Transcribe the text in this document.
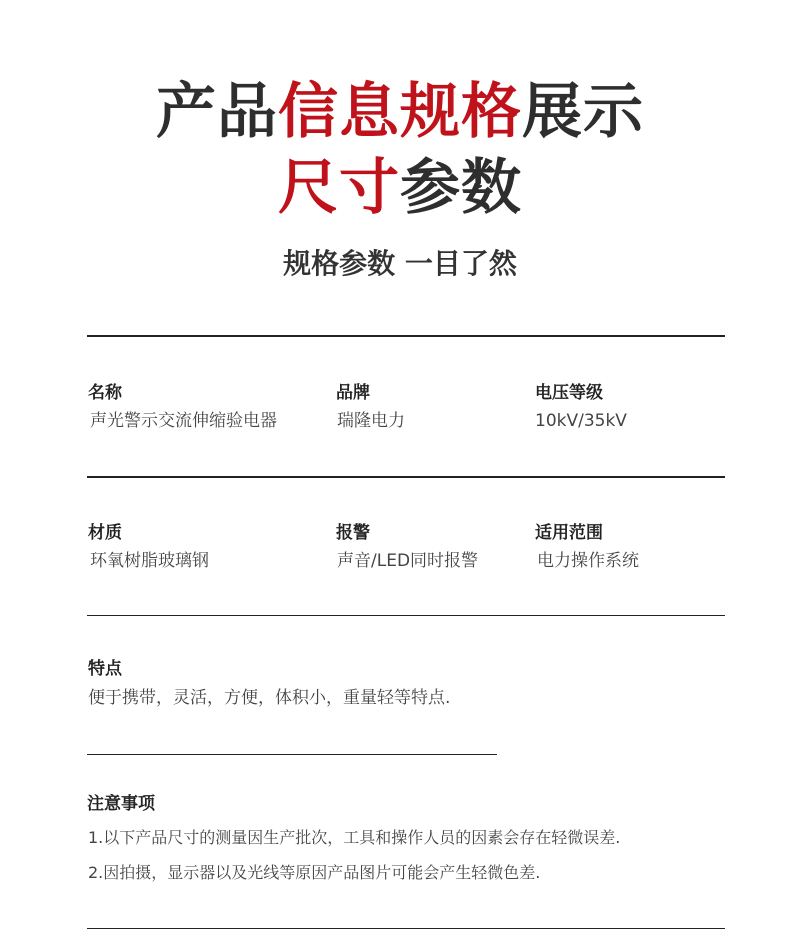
产品信息规格展示
尺寸参数
规格参数 一目了然
名称
声光警示交流伸缩验电器
品牌
瑞隆电力
电压等级
10kV/35kV
材质
环氧树脂玻璃钢
报警
声音/LED同时报警
适用范围
电力操作系统
特点
便于携带，灵活，方便，体积小，重量轻等特点.
注意事项
1.以下产品尺寸的测量因生产批次，工具和操作人员的因素会存在轻微误差.
2.因拍摄，显示器以及光线等原因产品图片可能会产生轻微色差.
